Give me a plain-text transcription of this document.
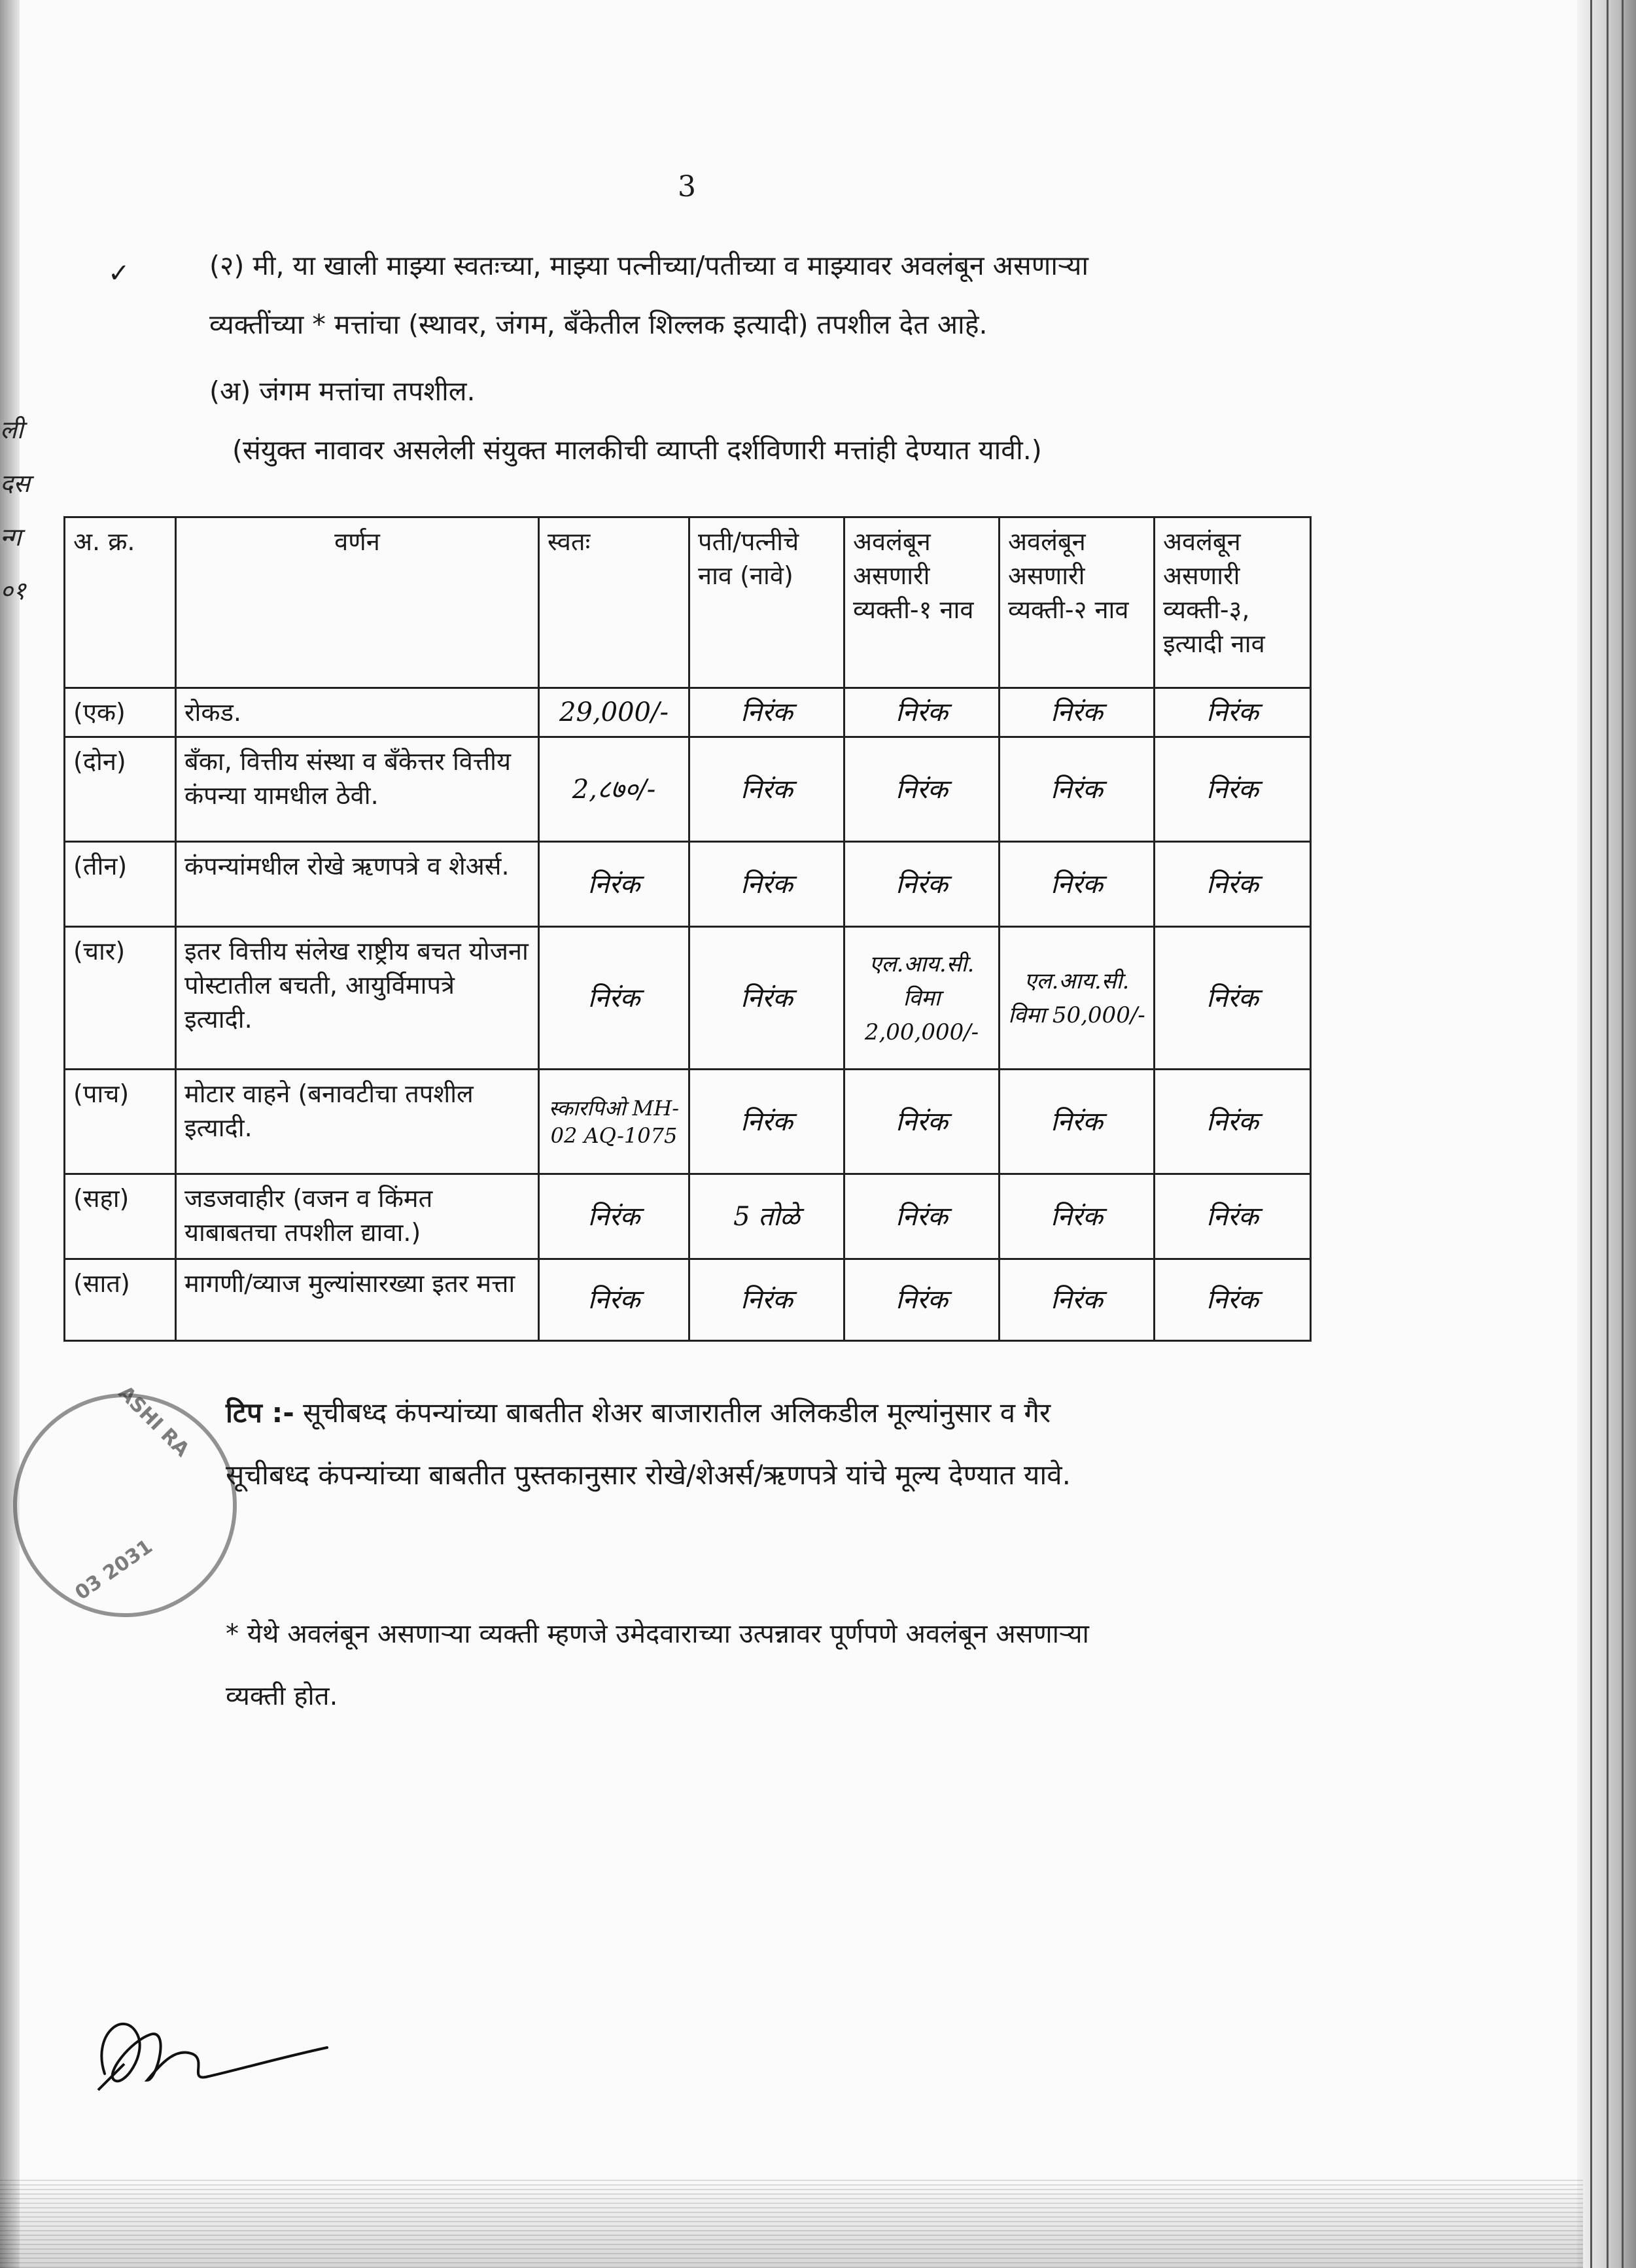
3
✓	(२) मी, या खाली माझ्या स्वतःच्या, माझ्या पत्नीच्या/पतीच्या व माझ्यावर अवलंबून असणाऱ्या
व्यक्तींच्या * मत्तांचा (स्थावर, जंगम, बँकेतील शिल्लक इत्यादी) तपशील देत आहे.
(अ) जंगम मत्तांचा तपशील.
(संयुक्त नावावर असलेली संयुक्त मालकीची व्याप्ती दर्शविणारी मत्तांही देण्यात यावी.)
ली
दस
न्ग
०१
अ. क्र.	वर्णन	स्वतः	पती/पत्नीचे नाव (नावे)	अवलंबून असणारी व्यक्ती-१ नाव	अवलंबून असणारी व्यक्ती-२ नाव	अवलंबून असणारी व्यक्ती-३, इत्यादी नाव
(एक)	रोकड.	29,000/-	निरंक	निरंक	निरंक	निरंक
(दोन)	बँका, वित्तीय संस्था व बँकेत्तर वित्तीय कंपन्या यामधील ठेवी.	2,८७०/-	निरंक	निरंक	निरंक	निरंक
(तीन)	कंपन्यांमधील रोखे ऋणपत्रे व शेअर्स.	निरंक	निरंक	निरंक	निरंक	निरंक
(चार)	इतर वित्तीय संलेख राष्ट्रीय बचत योजना पोस्टातील बचती, आयुर्विमापत्रे इत्यादी.	निरंक	निरंक	एल.आय.सी. विमा 2,00,000/-	एल.आय.सी. विमा 50,000/-	निरंक
(पाच)	मोटार वाहने (बनावटीचा तपशील इत्यादी.	स्कारपिओ MH-02 AQ-1075	निरंक	निरंक	निरंक	निरंक
(सहा)	जडजवाहीर (वजन व किंमत याबाबतचा तपशील द्यावा.)	निरंक	5 तोळे	निरंक	निरंक	निरंक
(सात)	मागणी/व्याज मुल्यांसारख्या इतर मत्ता	निरंक	निरंक	निरंक	निरंक	निरंक
ASHI RA
03 2031
टिप :- सूचीबध्द कंपन्यांच्या बाबतीत शेअर बाजारातील अलिकडील मूल्यांनुसार व गैर
सूचीबध्द कंपन्यांच्या बाबतीत पुस्तकानुसार रोखे/शेअर्स/ऋणपत्रे यांचे मूल्य देण्यात यावे.
* येथे अवलंबून असणाऱ्या व्यक्ती म्हणजे उमेदवाराच्या उत्पन्नावर पूर्णपणे अवलंबून असणाऱ्या
व्यक्ती होत.
